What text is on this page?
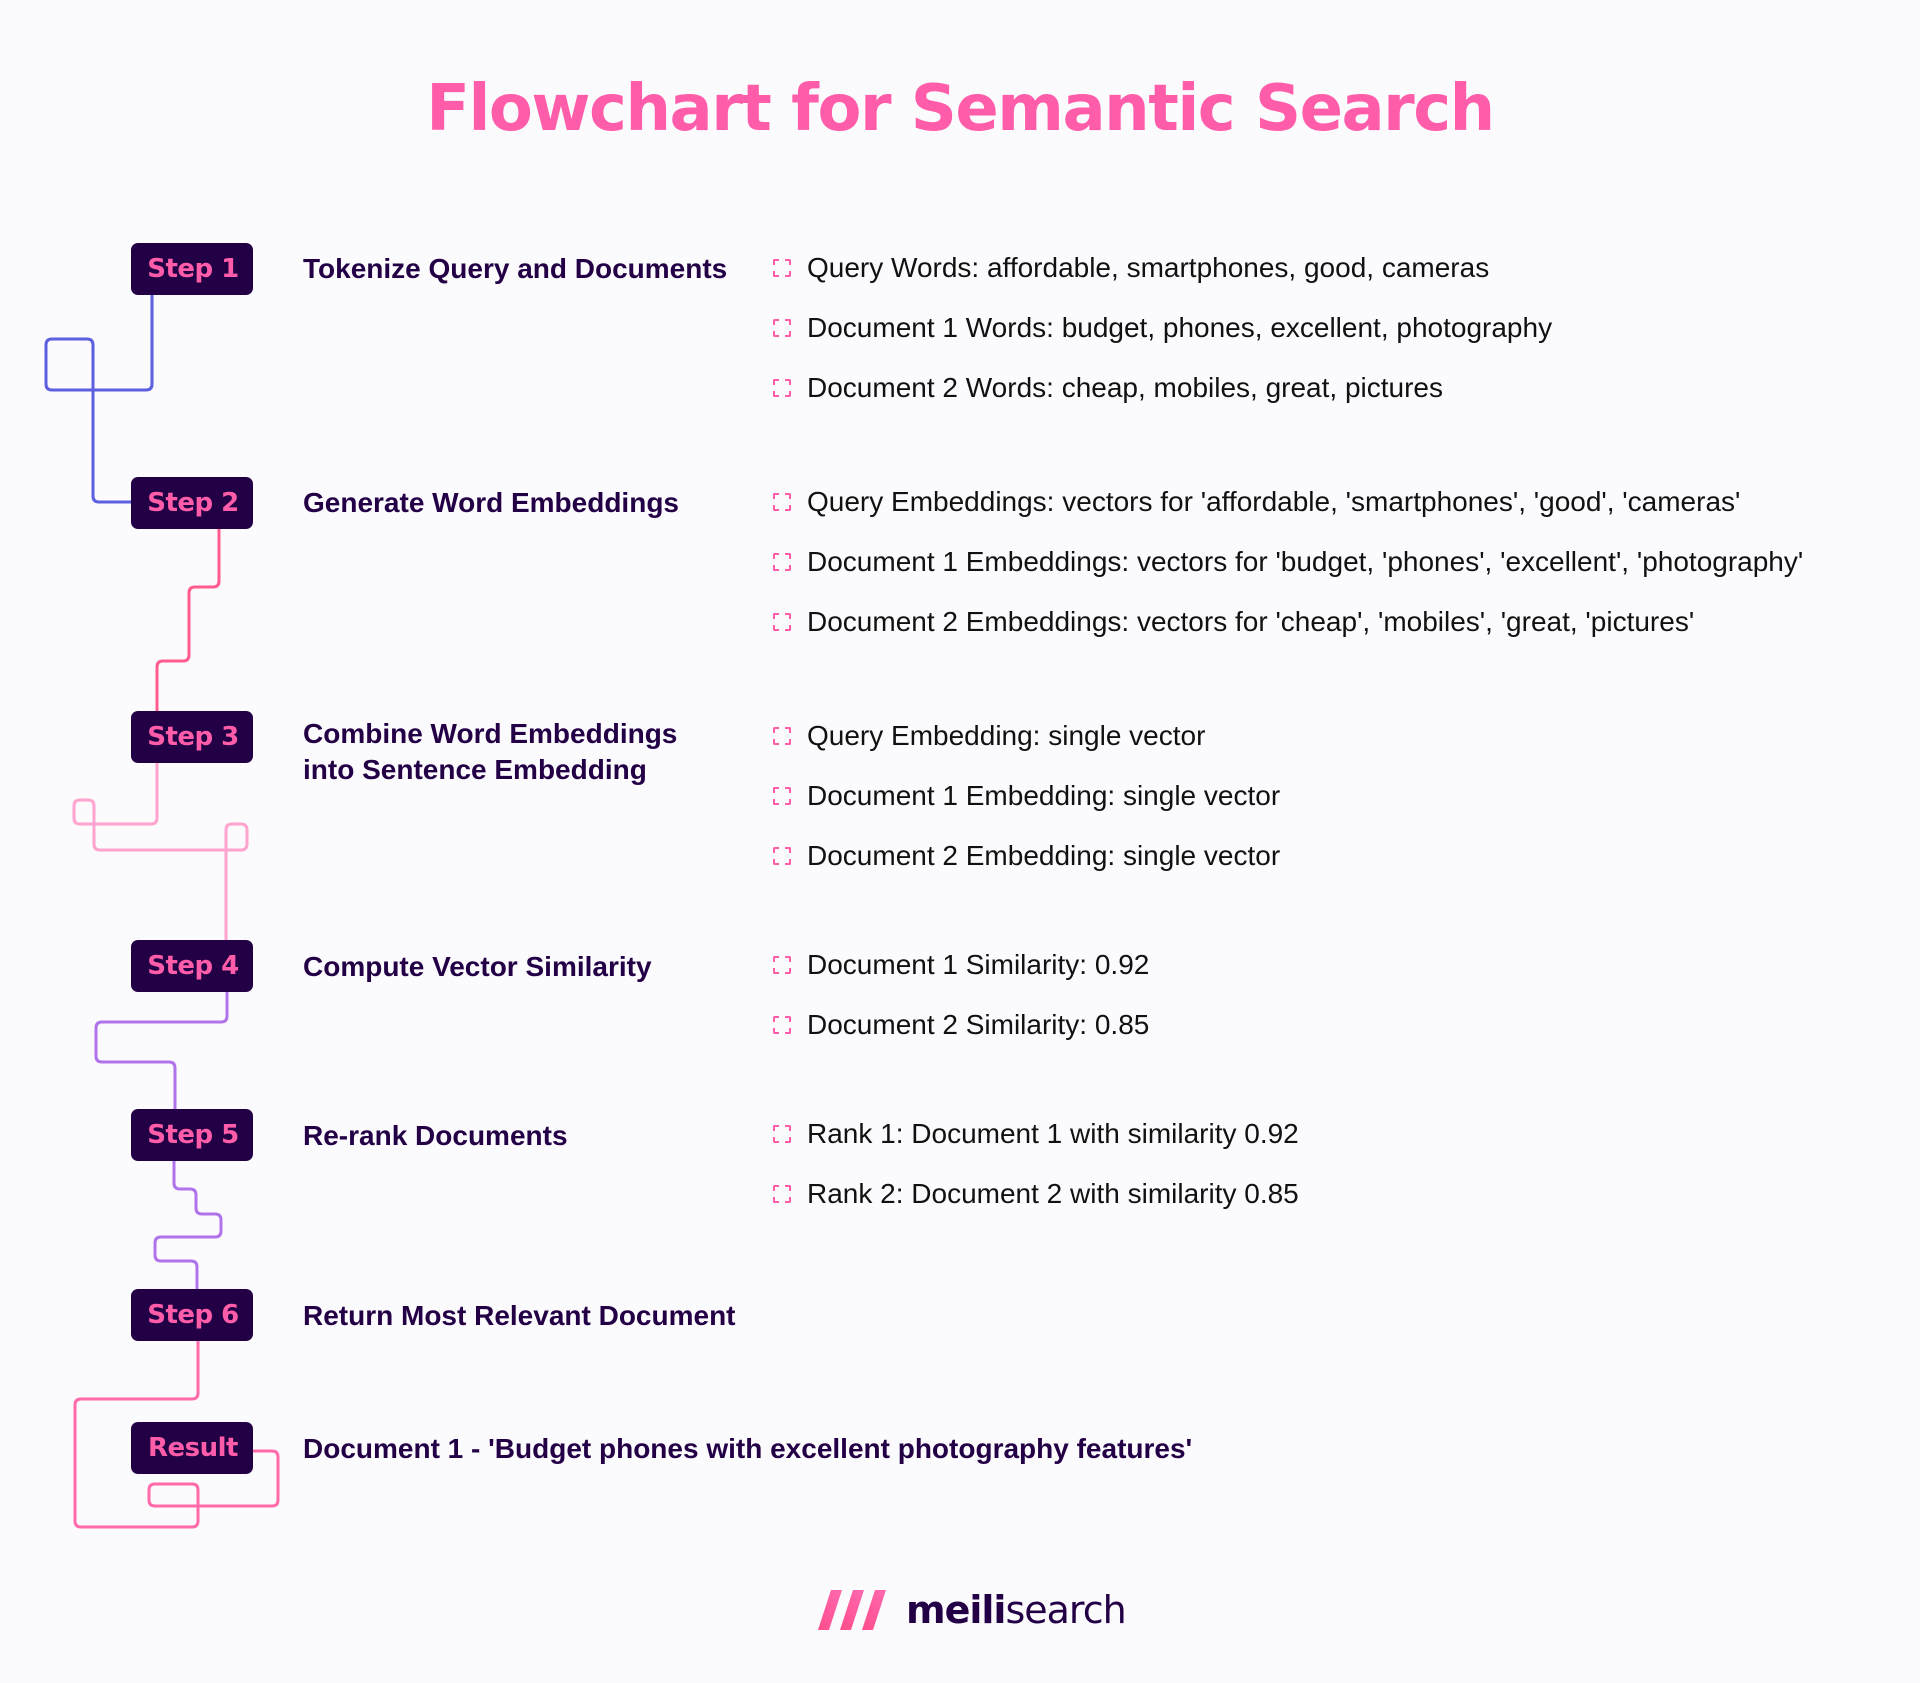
Flowchart for Semantic Search
Step 1	Tokenize Query and Documents	Query Words: affordable, smartphones, good, cameras
Document 1 Words: budget, phones, excellent, photography
Document 2 Words: cheap, mobiles, great, pictures
Step 2	Generate Word Embeddings	Query Embeddings: vectors for 'affordable, 'smartphones', 'good', 'cameras'
Document 1 Embeddings: vectors for 'budget, 'phones', 'excellent', 'photography'
Document 2 Embeddings: vectors for 'cheap', 'mobiles', 'great, 'pictures'
Step 3	Combine Word Embeddings
into Sentence Embedding
Query Embedding: single vector
Document 1 Embedding: single vector
Document 2 Embedding: single vector
Step 4	Compute Vector Similarity	Document 1 Similarity: 0.92
Document 2 Similarity: 0.85
Step 5	Re-rank Documents	Rank 1: Document 1 with similarity 0.92
Rank 2: Document 2 with similarity 0.85
Step 6	Return Most Relevant Document
Result	Document 1 - 'Budget phones with excellent photography features'
meilisearch
